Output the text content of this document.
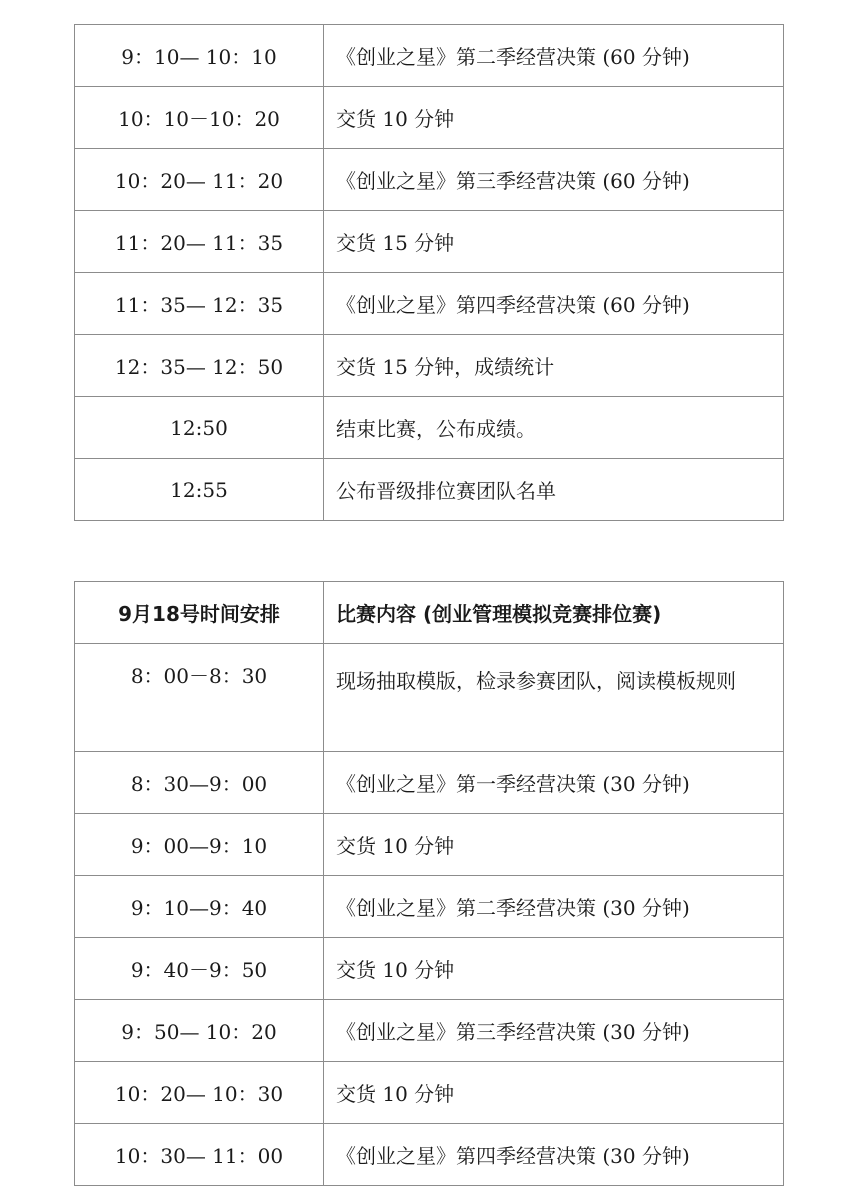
9：10— 10：10	《创业之星》第二季经营决策 (60 分钟)
10：10－10：20	交货 10 分钟
10：20— 11：20	《创业之星》第三季经营决策 (60 分钟)
11：20— 11：35	交货 15 分钟
11：35— 12：35	《创业之星》第四季经营决策 (60 分钟)
12：35— 12：50	交货 15 分钟，成绩统计
12:50	结束比赛，公布成绩。
12:55	公布晋级排位赛团队名单
9月18号时间安排	比赛内容 (创业管理模拟竞赛排位赛)
8：00－8：30	现场抽取模版，检录参赛团队，阅读模板规则
8：30—9：00	《创业之星》第一季经营决策 (30 分钟)
9：00—9：10	交货 10 分钟
9：10—9：40	《创业之星》第二季经营决策 (30 分钟)
9：40－9：50	交货 10 分钟
9：50— 10：20	《创业之星》第三季经营决策 (30 分钟)
10：20— 10：30	交货 10 分钟
10：30— 11：00	《创业之星》第四季经营决策 (30 分钟)
